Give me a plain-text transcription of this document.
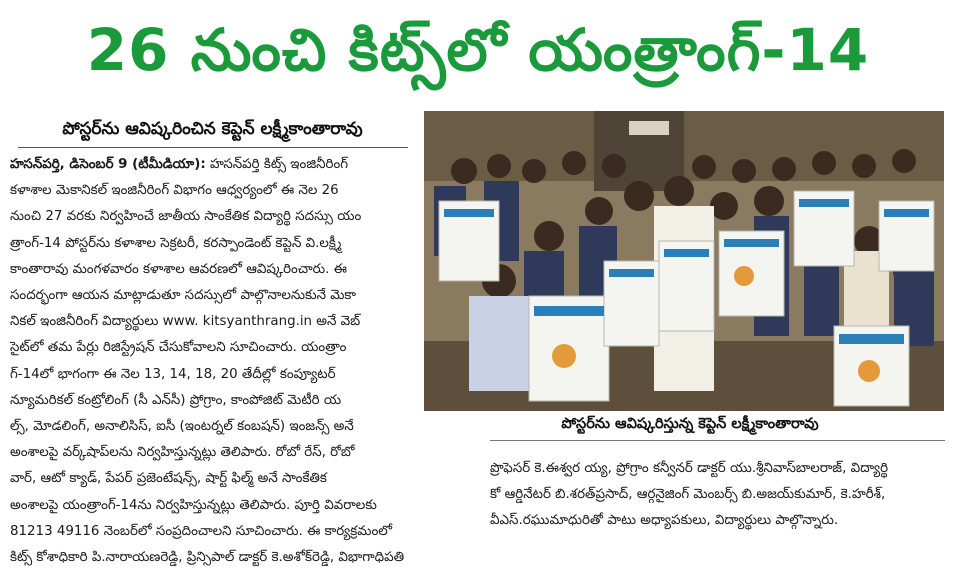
26 నుంచి కిట్స్‌లో యంత్రాంగ్‌-14
పోస్టర్‌ను ఆవిష్కరించిన కెప్టెన్‌ లక్ష్మీకాంతారావు
హసన్‌పర్తి, డిసెంబర్‌ 9 (టీమీడియా): హసన్‌పర్తి కిట్స్‌ ఇంజినీరింగ్‌
కళాశాల మెకానికల్‌ ఇంజినీరింగ్‌ విభాగం ఆధ్వర్యంలో ఈ నెల 26
నుంచి 27 వరకు నిర్వహించే జాతీయ సాంకేతిక విద్యార్థి సదస్సు యం
త్రాంగ్‌-14 పోస్టర్‌ను కళాశాల సెక్రటరీ, కరస్పాండెంట్‌ కెప్టెన్‌ వి.లక్ష్మీ
కాంతారావు మంగళవారం కళాశాల ఆవరణలో ఆవిష్కరించారు. ఈ
సందర్భంగా ఆయన మాట్లాడుతూ సదస్సులో పాల్గొనాలనుకునే మెకా
నికల్‌ ఇంజినీరింగ్‌ విద్యార్థులు www. kitsyanthrang.in అనే వెబ్‌
సైట్‌లో తమ పేర్లు రిజిస్ట్రేషన్‌ చేసుకోవాలని సూచించారు. యంత్రాం
గ్‌-14లో భాగంగా ఈ నెల 13, 14, 18, 20 తేదీల్లో కంప్యూటర్‌
న్యూమరికల్‌ కంట్రోలింగ్‌ (సీ ఎన్‌సీ) ప్రోగ్రాం, కాంపోజిట్‌ మెటీరి య
ల్స్‌, మోడలింగ్‌, అనాలిసిస్‌, ఐసీ (ఇంటర్నల్‌ కంబషన్‌) ఇంజన్స్‌ అనే
అంశాలపై వర్క్‌షాప్‌లను నిర్వహిస్తున్నట్లు తెలిపారు. రోబో రేస్‌, రోబో
వార్‌, ఆటో క్యాడ్‌, పేపర్‌ ప్రజెంటేషన్స్‌, షార్ట్‌ ఫిల్మ్‌ అనే సాంకేతిక
అంశాలపై యంత్రాంగ్‌-14ను నిర్వహిస్తున్నట్లు తెలిపారు. పూర్తి వివరాలకు
81213 49116 నెంబర్‌లో సంప్రదించాలని సూచించారు. ఈ కార్యక్రమంలో
కిట్స్‌ కోశాధికారి పి.నారాయణరెడ్డి, ప్రిన్సిపాల్‌ డాక్టర్‌ కె.అశోక్‌రెడ్డి, విభాగాధిపతి
పోస్టర్‌ను ఆవిష్కరిస్తున్న కెప్టెన్‌ లక్ష్మీకాంతారావు
ప్రొఫెసర్‌ కె.ఈశ్వర య్య, ప్రోగ్రాం కన్వీనర్‌ డాక్టర్‌ యు.శ్రీనివాస్‌బాలరాజ్‌, విద్యార్థి
కో ఆర్డినేటర్‌ బి.శరత్‌ప్రసాద్‌, ఆర్గనైజింగ్‌ మెంబర్స్‌ బి.అజయ్‌కుమార్‌, కె.హరీశ్‌,
వీఎస్‌.రఘుమాధురితో పాటు అధ్యాపకులు, విద్యార్థులు పాల్గొన్నారు.
